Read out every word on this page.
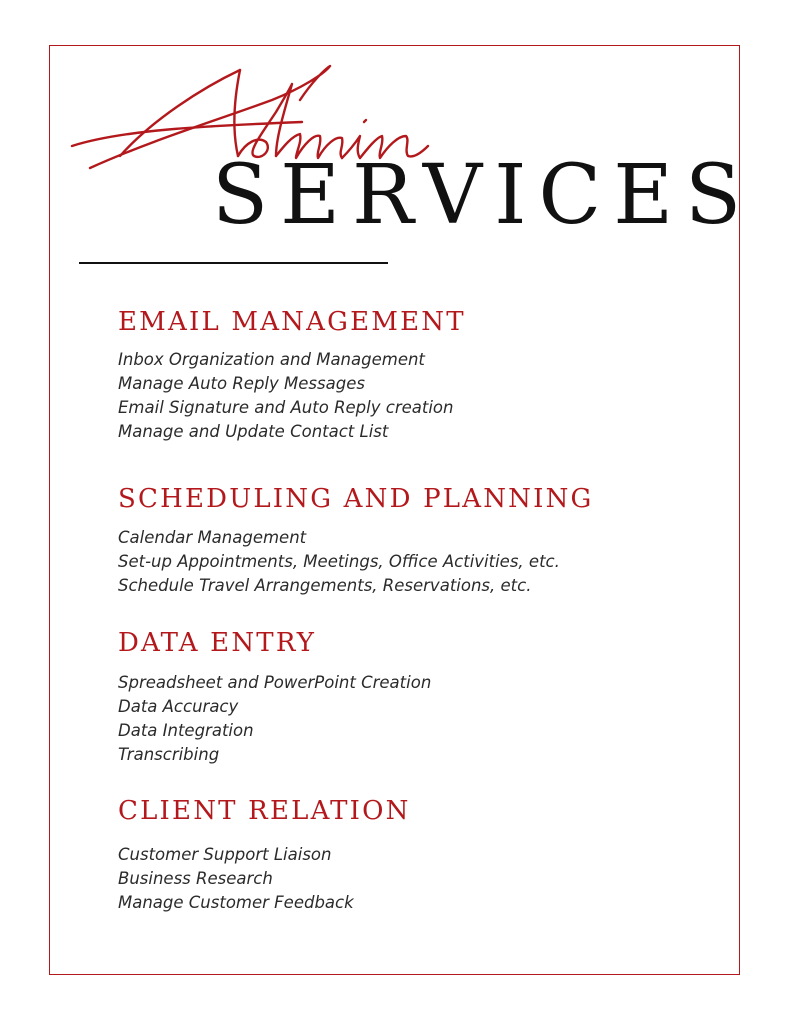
SERVICES
EMAIL MANAGEMENT
Inbox Organization and Management
Manage Auto Reply Messages
Email Signature and Auto Reply creation
Manage and Update Contact List
SCHEDULING AND PLANNING
Calendar Management
Set-up Appointments, Meetings, Office Activities, etc.
Schedule Travel Arrangements, Reservations, etc.
DATA ENTRY
Spreadsheet and PowerPoint Creation
Data Accuracy
Data Integration
Transcribing
CLIENT RELATION
Customer Support Liaison
Business Research
Manage Customer Feedback
